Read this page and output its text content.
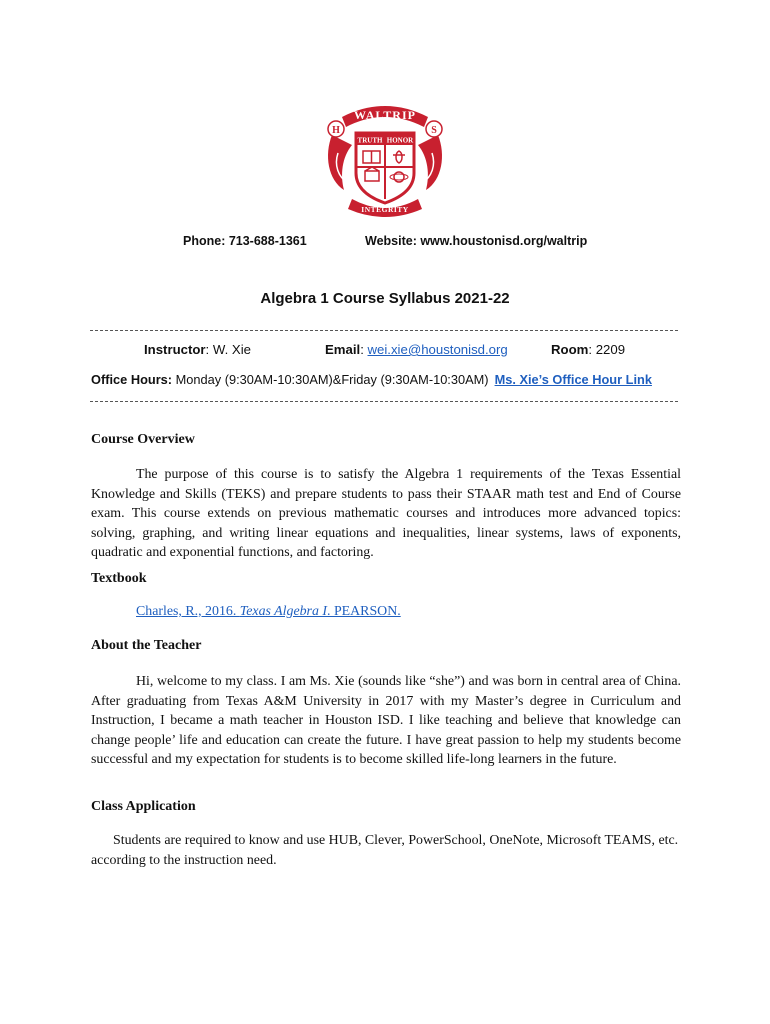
H	S
WALTRIP
TRUTH HONOR
INTEGRITY
Phone: 713-688-1361	Website: www.houstonisd.org/waltrip
Algebra 1 Course Syllabus 2021-22
Instructor: W. Xie	Email: wei.xie@houstonisd.org	Room: 2209
Office Hours: Monday (9:30AM-10:30AM)&Friday (9:30AM-10:30AM) Ms. Xie’s Office Hour Link
Course Overview
The purpose of this course is to satisfy the Algebra 1 requirements of the Texas Essential Knowledge and Skills (TEKS) and prepare students to pass their STAAR math test and End of Course exam. This course extends on previous mathematic courses and introduces more advanced topics: solving, graphing, and writing linear equations and inequalities, linear systems, laws of exponents, quadratic and exponential functions, and factoring.
Textbook
Charles, R., 2016. Texas Algebra I. PEARSON.
About the Teacher
Hi, welcome to my class. I am Ms. Xie (sounds like “she”) and was born in central area of China. After graduating from Texas A&M University in 2017 with my Master’s degree in Curriculum and Instruction, I became a math teacher in Houston ISD. I like teaching and believe that knowledge can change people’ life and education can create the future. I have great passion to help my students become successful and my expectation for students is to become skilled life-long learners in the future.
Class Application
Students are required to know and use HUB, Clever, PowerSchool, OneNote, Microsoft TEAMS, etc. according to the instruction need.
